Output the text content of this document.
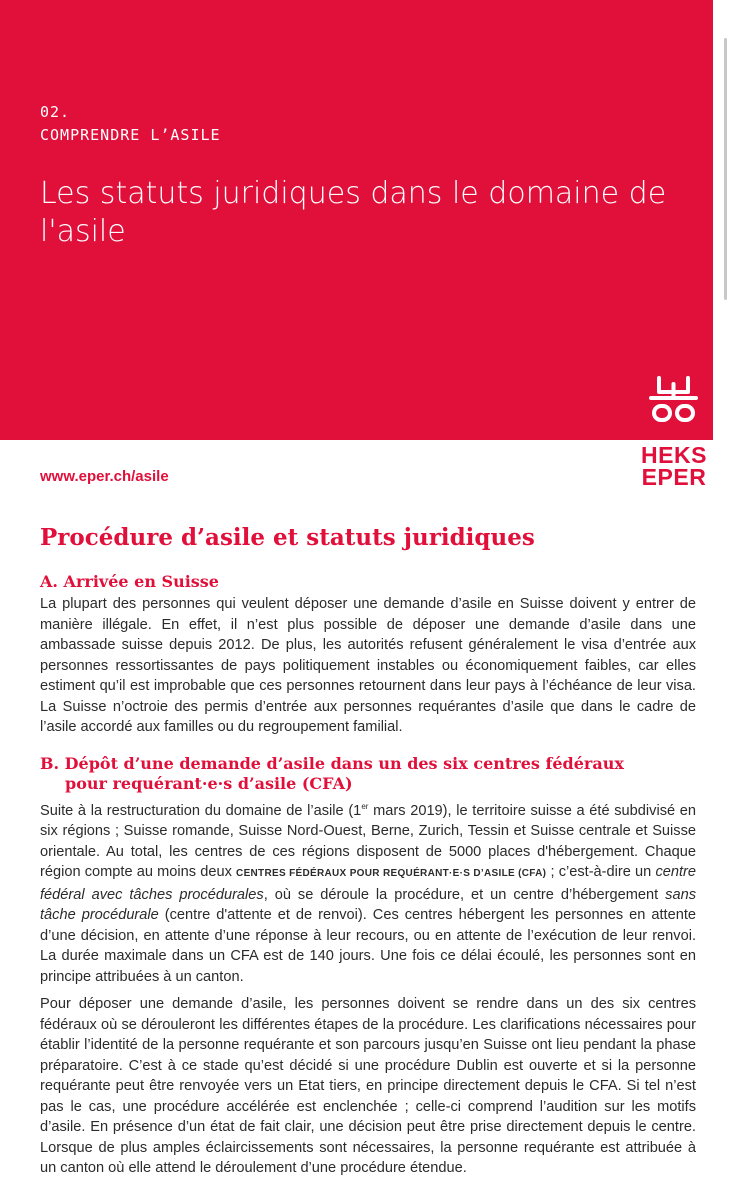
02.
COMPRENDRE L’ASILE
Les statuts juridiques dans le domaine de l'asile
HEKS
EPER
www.eper.ch/asile
Procédure d’asile et statuts juridiques
A. Arrivée en Suisse
La plupart des personnes qui veulent déposer une demande d’asile en Suisse doivent y entrer de manière illégale. En effet, il n’est plus possible de déposer une demande d’asile dans une ambassade suisse depuis 2012. De plus, les autorités refusent généralement le visa d’entrée aux personnes ressortissantes de pays politiquement instables ou économiquement faibles, car elles estiment qu’il est improbable que ces personnes retournent dans leur pays à l’échéance de leur visa. La Suisse n’octroie des permis d’entrée aux personnes requérantes d’asile que dans le cadre de l’asile accordé aux familles ou du regroupement familial.
B. Dépôt d’une demande d’asile dans un des six centres fédéraux
pour requérant·e·s d’asile (CFA)
Suite à la restructuration du domaine de l’asile (1er mars 2019), le territoire suisse a été subdivisé en six régions ; Suisse romande, Suisse Nord-Ouest, Berne, Zurich, Tessin et Suisse centrale et Suisse orientale. Au total, les centres de ces régions disposent de 5000 places d'hébergement. Chaque région compte au moins deux CENTRES FÉDÉRAUX POUR REQUÉRANT·E·S D’ASILE (CFA) ; c’est-à-dire un centre fédéral avec tâches procédurales, où se déroule la procédure, et un centre d’hébergement sans tâche procédurale (centre d'attente et de renvoi). Ces centres hébergent les personnes en attente d’une décision, en attente d’une réponse à leur recours, ou en attente de l’exécution de leur renvoi. La durée maximale dans un CFA est de 140 jours. Une fois ce délai écoulé, les personnes sont en principe attribuées à un canton.
Pour déposer une demande d’asile, les personnes doivent se rendre dans un des six centres fédéraux où se dérouleront les différentes étapes de la procédure. Les clarifications nécessaires pour établir l’identité de la personne requérante et son parcours jusqu’en Suisse ont lieu pendant la phase préparatoire. C’est à ce stade qu’est décidé si une procédure Dublin est ouverte et si la personne requérante peut être renvoyée vers un Etat tiers, en principe directement depuis le CFA. Si tel n’est pas le cas, une procédure accélérée est enclenchée ; celle-ci comprend l’audition sur les motifs d’asile. En présence d’un état de fait clair, une décision peut être prise directement depuis le centre. Lorsque de plus amples éclaircissements sont nécessaires, la personne requérante est attribuée à un canton où elle attend le déroulement d’une procédure étendue.
